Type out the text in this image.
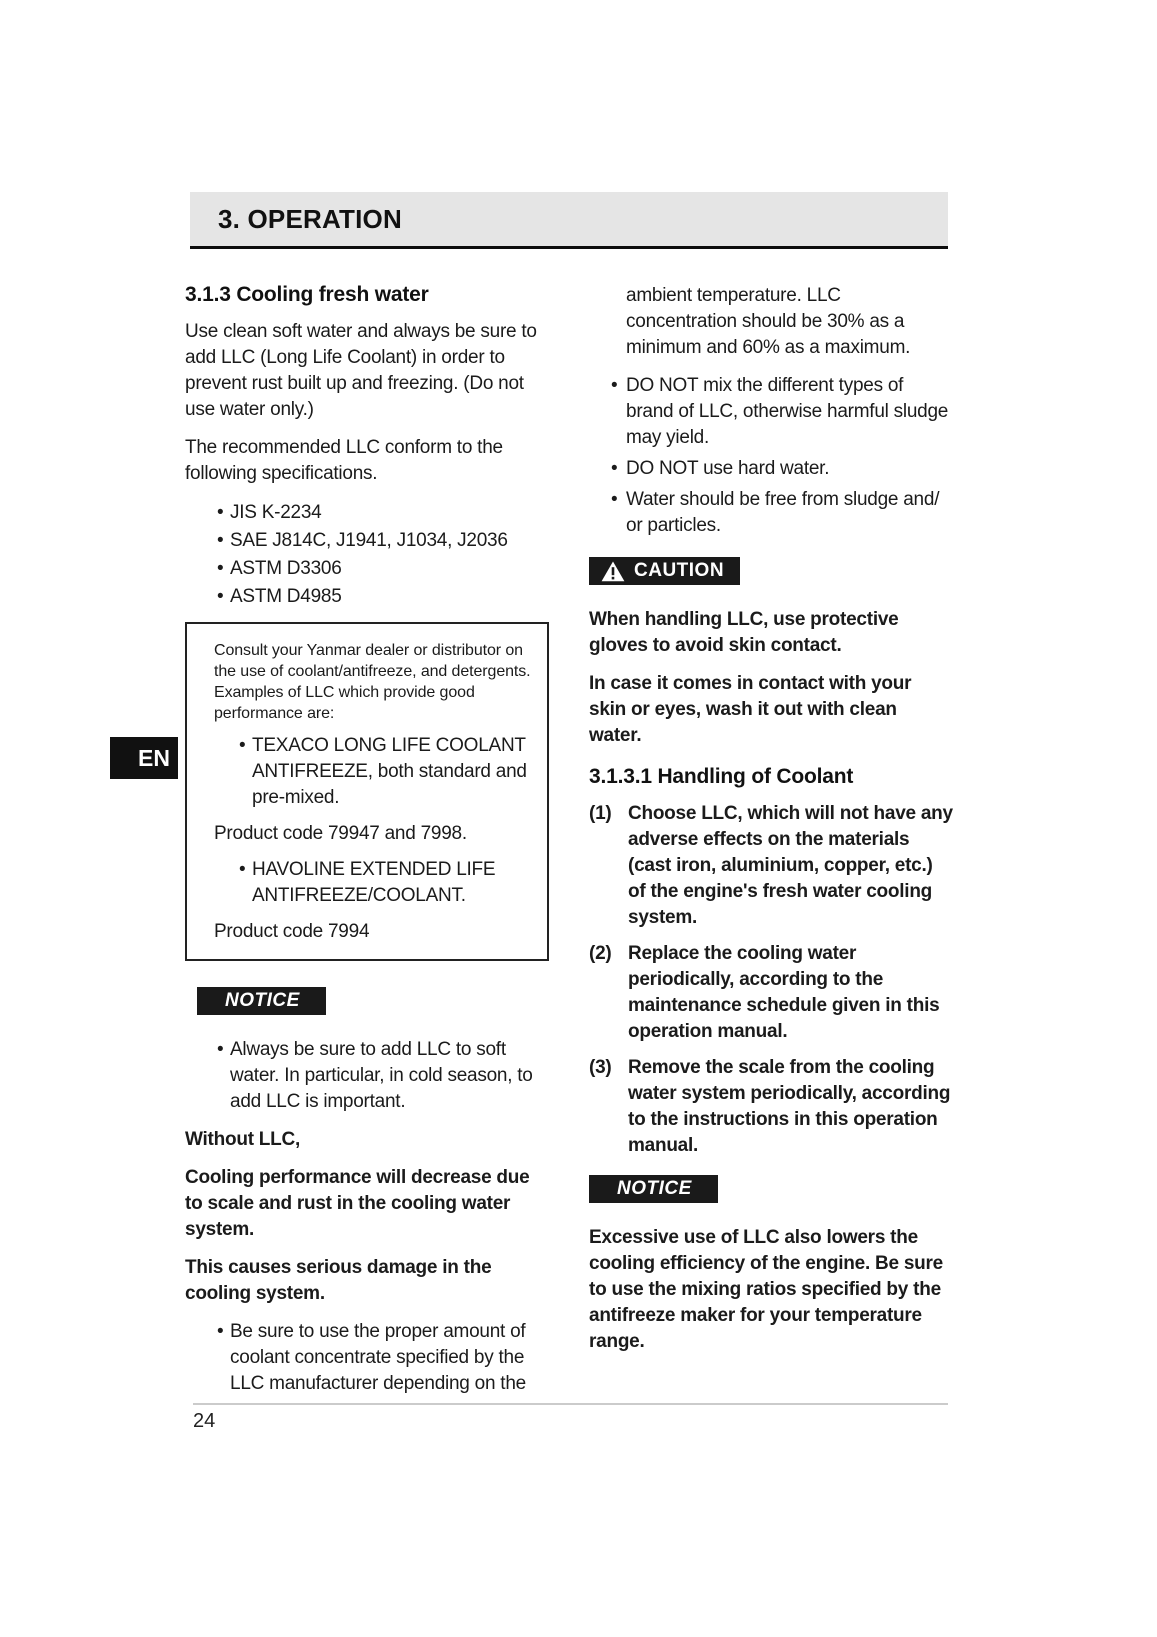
3. OPERATION
EN
3.1.3 Cooling fresh water

Use clean soft water and always be sure to add LLC (Long Life Coolant) in order to prevent rust built up and freezing. (Do not use water only.)

The recommended LLC conform to the following specifications.

• JIS K-2234
• SAE J814C, J1941, J1034, J2036
• ASTM D3306
• ASTM D4985

Consult your Yanmar dealer or distributor on the use of coolant/antifreeze, and detergents. Examples of LLC which provide good performance are:

• TEXACO LONG LIFE COOLANT ANTIFREEZE, both standard and pre-mixed.

Product code 79947 and 7998.

• HAVOLINE EXTENDED LIFE ANTIFREEZE/COOLANT.

Product code 7994

NOTICE
• Always be sure to add LLC to soft water. In particular, in cold season, to add LLC is important.

Without LLC,

Cooling performance will decrease due to scale and rust in the cooling water system.

This causes serious damage in the cooling system.

• Be sure to use the proper amount of coolant concentrate specified by the LLC manufacturer depending on the

ambient temperature. LLC concentration should be 30% as a minimum and 60% as a maximum.

• DO NOT mix the different types of brand of LLC, otherwise harmful sludge may yield.
• DO NOT use hard water.
• Water should be free from sludge and/ or particles.
CAUTION

When handling LLC, use protective gloves to avoid skin contact.

In case it comes in contact with your skin or eyes, wash it out with clean water.

3.1.3.1 Handling of Coolant
(1) Choose LLC, which will not have any adverse effects on the materials (cast iron, aluminium, copper, etc.) of the engine's fresh water cooling system.
(2) Replace the cooling water periodically, according to the maintenance schedule given in this operation manual.
(3) Remove the scale from the cooling water system periodically, according to the instructions in this operation manual.
NOTICE

Excessive use of LLC also lowers the cooling efficiency of the engine. Be sure to use the mixing ratios specified by the antifreeze maker for your temperature range.

24
